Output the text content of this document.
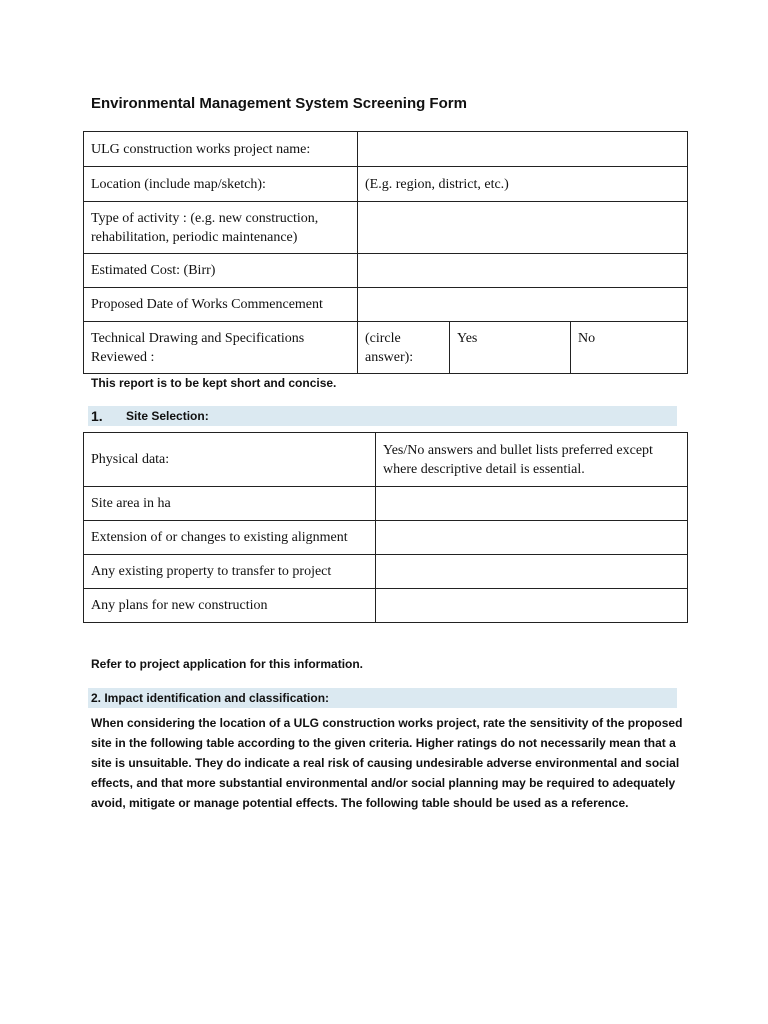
Environmental Management System Screening Form
ULG construction works project name:			
Location (include map/sketch):	(E.g. region, district, etc.)		
Type of activity : (e.g. new construction, rehabilitation, periodic maintenance)			
Estimated Cost: (Birr)			
Proposed Date of Works Commencement			
Technical Drawing and Specifications Reviewed :	(circle answer):	Yes	No
This report is to be kept short and concise.
1. Site Selection:
Physical data:	Yes/No answers and bullet lists preferred except where descriptive detail is essential.
Site area in ha	
Extension of or changes to existing alignment	
Any existing property to transfer to project	
Any plans for new construction	
Refer to project application for this information.
2. Impact identification and classification:
When considering the location of a ULG construction works project, rate the sensitivity of the proposed site in the following table according to the given criteria. Higher ratings do not necessarily mean that a site is unsuitable. They do indicate a real risk of causing undesirable adverse environmental and social effects, and that more substantial environmental and/or social planning may be required to adequately avoid, mitigate or manage potential effects. The following table should be used as a reference.
